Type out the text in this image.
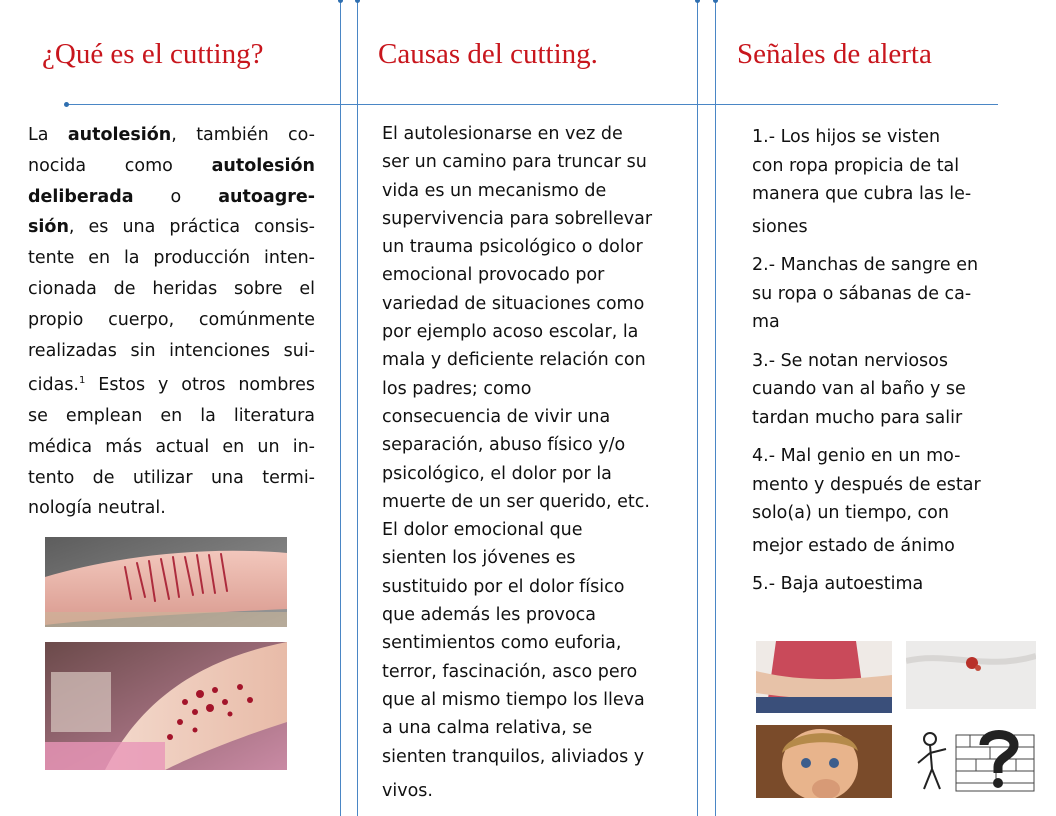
¿Qué es el cutting?	Causas del cutting.	Señales de alerta
La autolesión, también co-
nocida como autolesión
deliberada o autoagre-
sión, es una práctica consis-
tente en la producción inten-
cionada de heridas sobre el
propio cuerpo, comúnmente
realizadas sin intenciones sui-
cidas.$^1$ Estos y otros nombres
se emplean en la literatura
médica más actual en un in-
tento de utilizar una termi-
nología neutral.
El autolesionarse en vez de
ser un camino para truncar su
vida es un mecanismo de
supervivencia para sobrellevar
un trauma psicológico o dolor
emocional provocado por
variedad de situaciones como
por ejemplo acoso escolar, la
mala y deficiente relación con
los padres; como
consecuencia de vivir una
separación, abuso físico y/o
psicológico, el dolor por la
muerte de un ser querido, etc.
El dolor emocional que
sienten los jóvenes es
sustituido por el dolor físico
que además les provoca
sentimientos como euforia,
terror, fascinación, asco pero
que al mismo tiempo los lleva
a una calma relativa, se
sienten tranquilos, aliviados y
vivos.
1.- Los hijos se visten
con ropa propicia de tal
manera que cubra las le-
siones
2.- Manchas de sangre en
su ropa o sábanas de ca-
ma
3.- Se notan nerviosos
cuando van al baño y se
tardan mucho para salir
4.- Mal genio en un mo-
mento y después de estar
solo(a) un tiempo, con
mejor estado de ánimo
5.- Baja autoestima
